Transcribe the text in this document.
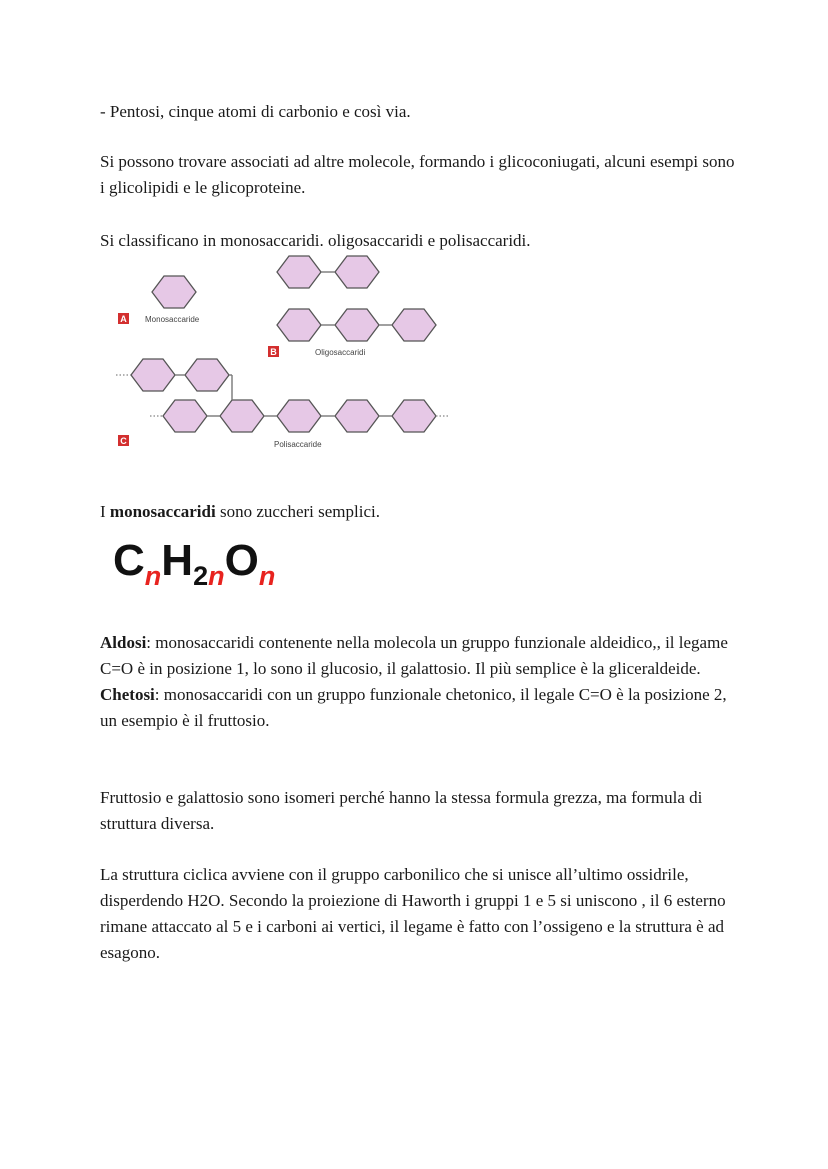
- Pentosi, cinque atomi di carbonio e così via.

Si possono trovare associati ad altre molecole, formando i glicoconiugati, alcuni esempi sono i glicolipidi e le glicoproteine.

Si classificano in monosaccaridi. oligosaccaridi e polisaccaridi.

A Monosaccaride
B	Oligosaccaridi
C	Polisaccaride

I monosaccaridi sono zuccheri semplici.

$C_nH_{2n}O_n$

Aldosi: monosaccaridi contenente nella molecola un gruppo funzionale aldeidico,, il legame C=O è in posizione 1, lo sono il glucosio, il galattosio. Il più semplice è la gliceraldeide.
Chetosi: monosaccaridi con un gruppo funzionale chetonico, il legale C=O è la posizione 2, un esempio è il fruttosio.

Fruttosio e galattosio sono isomeri perché hanno la stessa formula grezza, ma formula di struttura diversa.

La struttura ciclica avviene con il gruppo carbonilico che si unisce all’ultimo ossidrile, disperdendo H2O. Secondo la proiezione di Haworth i gruppi 1 e 5 si uniscono , il 6 esterno rimane attaccato al 5 e i carboni ai vertici, il legame è fatto con l’ossigeno e la struttura è ad esagono.
